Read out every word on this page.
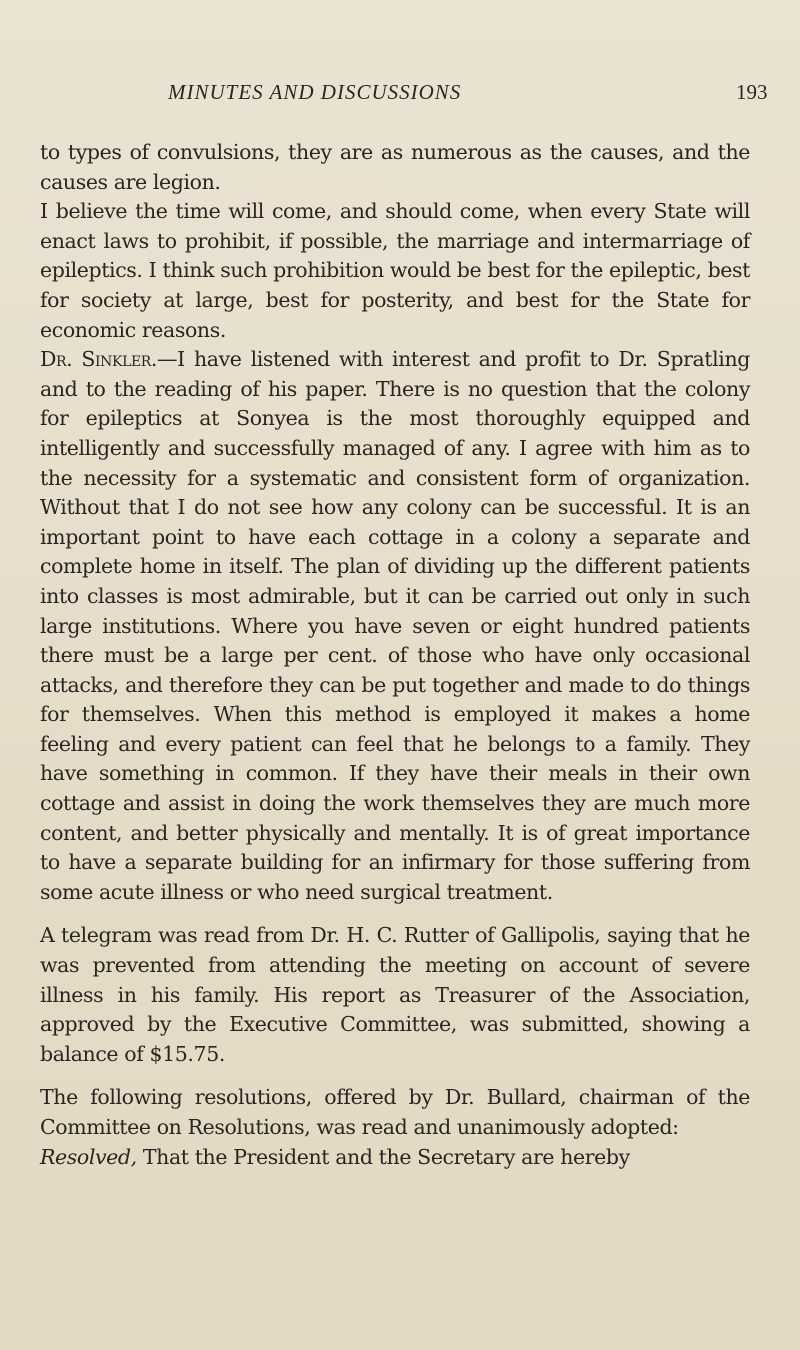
MINUTES AND DISCUSSIONS	193

to types of convulsions, they are as numerous as the causes, and the causes are legion.

I believe the time will come, and should come, when every State will enact laws to prohibit, if possible, the marriage and intermarriage of epileptics. I think such prohibition would be best for the epileptic, best for society at large, best for posterity, and best for the State for economic reasons.

Dr. Sinkler.—I have listened with interest and profit to Dr. Spratling and to the reading of his paper. There is no question that the colony for epileptics at Sonyea is the most thoroughly equipped and intelligently and successfully managed of any. I agree with him as to the necessity for a systematic and consistent form of organization. Without that I do not see how any colony can be successful. It is an important point to have each cottage in a colony a separate and complete home in itself. The plan of dividing up the different patients into classes is most admirable, but it can be carried out only in such large institutions. Where you have seven or eight hundred patients there must be a large per cent. of those who have only occasional attacks, and therefore they can be put together and made to do things for themselves. When this method is employed it makes a home feeling and every patient can feel that he belongs to a family. They have something in common. If they have their meals in their own cottage and assist in doing the work themselves they are much more content, and better physically and mentally. It is of great importance to have a separate building for an infirmary for those suffering from some acute illness or who need surgical treatment.

A telegram was read from Dr. H. C. Rutter of Gallipolis, saying that he was prevented from attending the meeting on account of severe illness in his family. His report as Treasurer of the Association, approved by the Executive Committee, was submitted, showing a balance of $15.75.

The following resolutions, offered by Dr. Bullard, chairman of the Committee on Resolutions, was read and unanimously adopted:

Resolved, That the President and the Secretary are hereby
